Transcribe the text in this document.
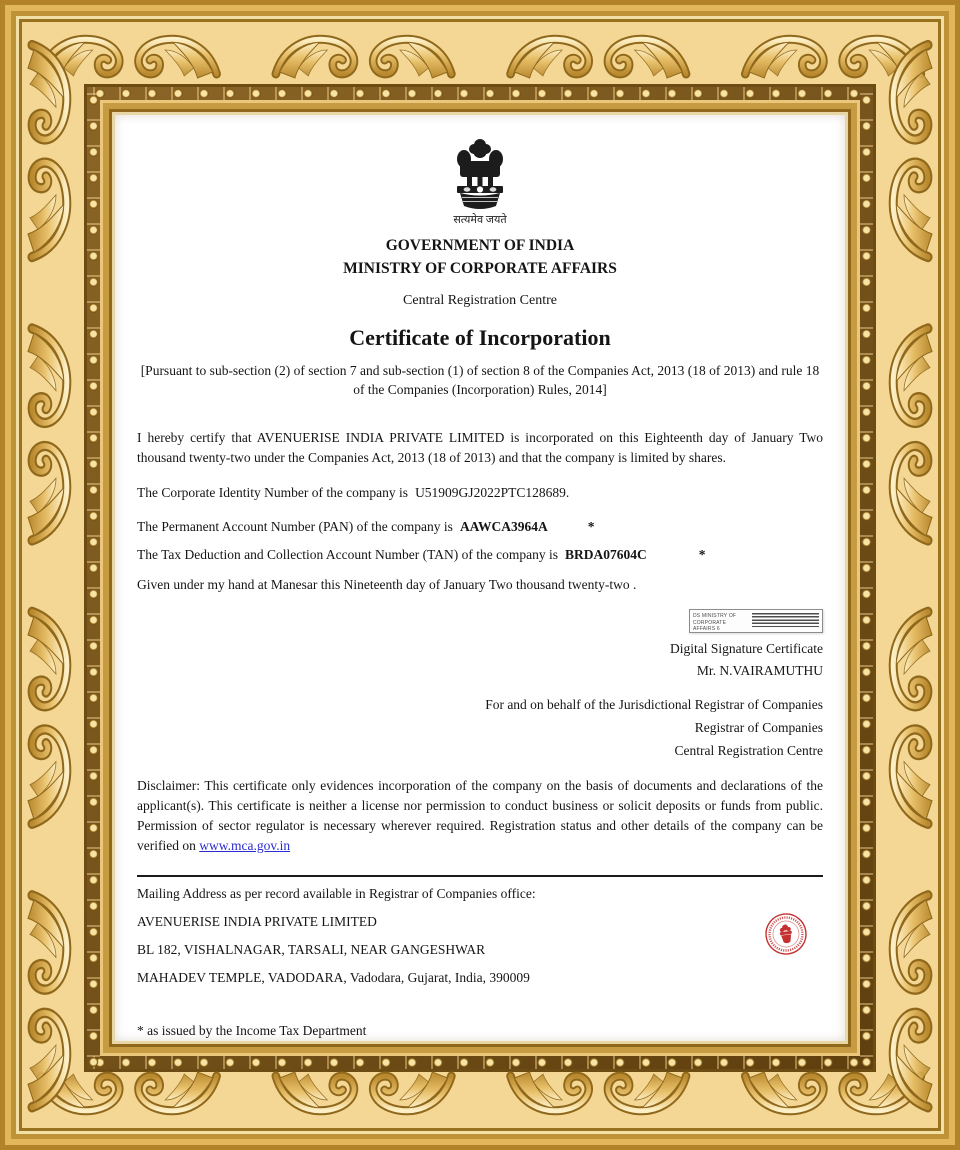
सत्यमेव जयते

GOVERNMENT OF INDIA

MINISTRY OF CORPORATE AFFAIRS

Central Registration Centre

Certificate of Incorporation

[Pursuant to sub-section (2) of section 7 and sub-section (1) of section 8 of the Companies Act, 2013 (18 of 2013) and rule 18 of the Companies (Incorporation) Rules, 2014]

I hereby certify that AVENUERISE INDIA PRIVATE LIMITED is incorporated on this Eighteenth day of January Two thousand twenty-two under the Companies Act, 2013 (18 of 2013) and that the company is limited by shares.

The Corporate Identity Number of the company is U51909GJ2022PTC128689.

The Permanent Account Number (PAN) of the company is AAWCA3964A	*

The Tax Deduction and Collection Account Number (TAN) of the company is BRDA07604C	*

Given under my hand at Manesar this Nineteenth day of January Two thousand twenty-two .

DS MINISTRY OF CORPORATE AFFAIRS 6

Digital Signature Certificate

Mr. N.VAIRAMUTHU

For and on behalf of the Jurisdictional Registrar of Companies

Registrar of Companies

Central Registration Centre

Disclaimer: This certificate only evidences incorporation of the company on the basis of documents and declarations of the applicant(s). This certificate is neither a license nor permission to conduct business or solicit deposits or funds from public. Permission of sector regulator is necessary wherever required. Registration status and other details of the company can be verified on www.mca.gov.in

Mailing Address as per record available in Registrar of Companies office:

AVENUERISE INDIA PRIVATE LIMITED

BL 182, VISHALNAGAR, TARSALI, NEAR GANGESHWAR

MAHADEV TEMPLE, VADODARA, Vadodara, Gujarat, India, 390009

* as issued by the Income Tax Department
